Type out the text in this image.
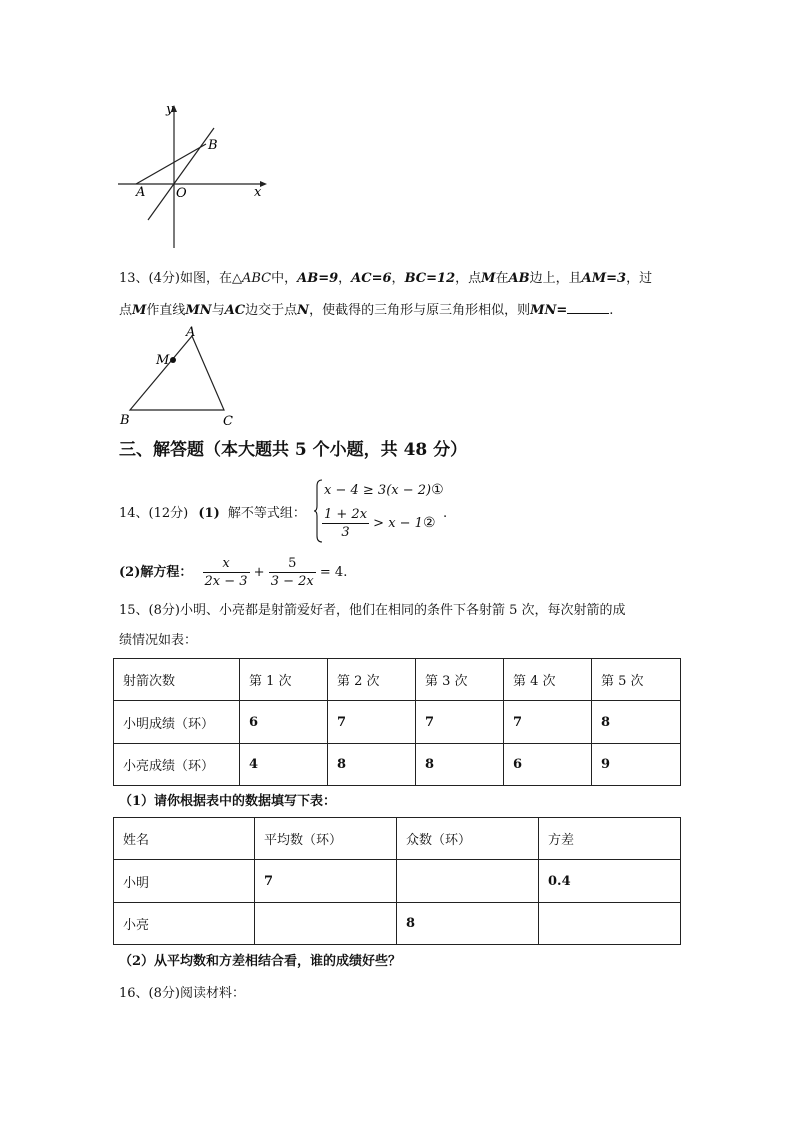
y
x
A O
B
13、(4分)如图，在△ABC中，AB=9，AC=6，BC=12，点M在AB边上，且AM=3，过
点M作直线MN与AC边交于点N，使截得的三角形与原三角形相似，则MN=	.
A
M
B	C
三、解答题（本大题共 5 个小题，共 48 分）
14、(12分) (1) 解不等式组：
x − 4 ≥ 3(x − 2)①
$\frac{1 + 2x}{3} > x$ − 1②
.
(2)解方程： $\frac{x}{2x - 3} + \frac{5}{3 - 2x} = 4$.
15、(8分)小明、小亮都是射箭爱好者，他们在相同的条件下各射箭 5 次，每次射箭的成
绩情况如表：
射箭次数	第 1 次	第 2 次	第 3 次	第 4 次	第 5 次
小明成绩（环）	6	7	7	7	8
小亮成绩（环）	4	8	8	6	9
（1）请你根据表中的数据填写下表：
姓名	平均数（环）	众数（环）	方差
小明	7		0.4
小亮		8	
（2）从平均数和方差相结合看，谁的成绩好些？
16、(8分)阅读材料：
